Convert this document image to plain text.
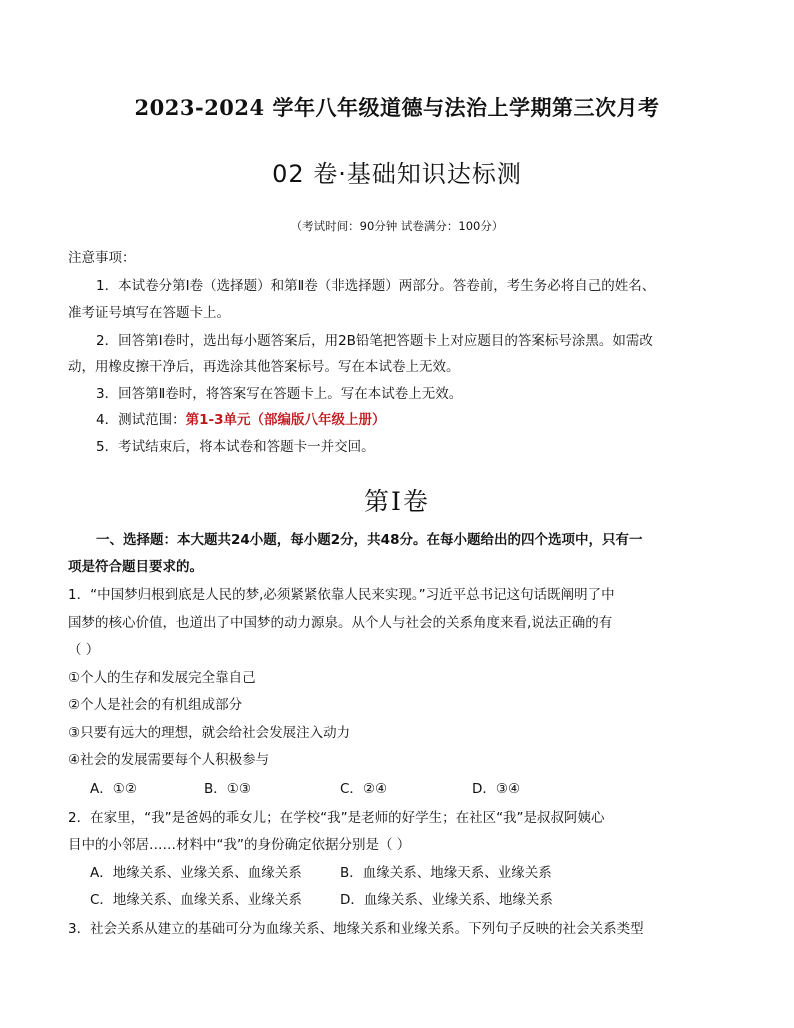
2023-2024 学年八年级道德与法治上学期第三次月考
02 卷·基础知识达标测
（考试时间：90分钟 试卷满分：100分）
注意事项：
1．本试卷分第Ⅰ卷（选择题）和第Ⅱ卷（非选择题）两部分。答卷前，考生务必将自己的姓名、
准考证号填写在答题卡上。
2．回答第Ⅰ卷时，选出每小题答案后，用2B铅笔把答题卡上对应题目的答案标号涂黑。如需改
动，用橡皮擦干净后，再选涂其他答案标号。写在本试卷上无效。
3．回答第Ⅱ卷时，将答案写在答题卡上。写在本试卷上无效。
4．测试范围：第1-3单元（部编版八年级上册）
5．考试结束后，将本试卷和答题卡一并交回。
第Ⅰ卷
一、选择题：本大题共24小题，每小题2分，共48分。在每小题给出的四个选项中，只有一
项是符合题目要求的。
1．“中国梦归根到底是人民的梦,必须紧紧依靠人民来实现。”习近平总书记这句话既阐明了中
国梦的核心价值，也道出了中国梦的动力源泉。从个人与社会的关系角度来看,说法正确的有
（ ）
①个人的生存和发展完全靠自己
②个人是社会的有机组成部分
③只要有远大的理想，就会给社会发展注入动力
④社会的发展需要每个人积极参与
A．①②	B．①③	C．②④	D．③④
2．在家里，“我”是爸妈的乖女儿；在学校“我”是老师的好学生；在社区“我”是叔叔阿姨心
目中的小邻居……材料中“我”的身份确定依据分别是（ ）
A．地缘关系、业缘关系、血缘关系	B．血缘关系、地缘天系、业缘关系
C．地缘关系、血缘关系、业缘关系	D．血缘关系、业缘关系、地缘关系
3．社会关系从建立的基础可分为血缘关系、地缘关系和业缘关系。下列句子反映的社会关系类型
